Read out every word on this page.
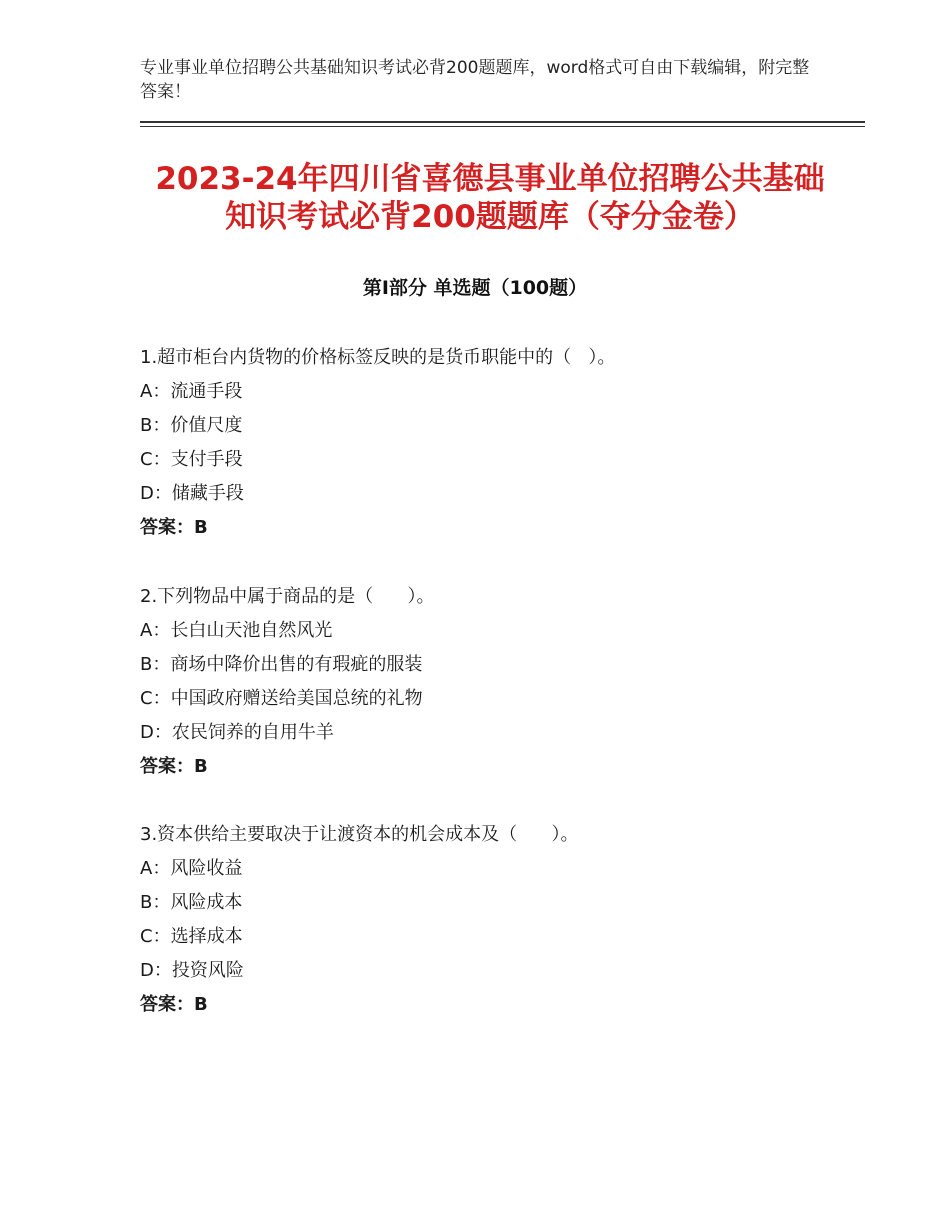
专业事业单位招聘公共基础知识考试必背200题题库，word格式可自由下载编辑，附完整答案！
2023-24年四川省喜德县事业单位招聘公共基础知识考试必背200题题库（夺分金卷）
第I部分 单选题（100题）
1.超市柜台内货物的价格标签反映的是货币职能中的（   ）。
A：流通手段
B：价值尺度
C：支付手段
D：储藏手段
答案：B
2.下列物品中属于商品的是（      ）。
A：长白山天池自然风光
B：商场中降价出售的有瑕疵的服装
C：中国政府赠送给美国总统的礼物
D：农民饲养的自用牛羊
答案：B
3.资本供给主要取决于让渡资本的机会成本及（      ）。
A：风险收益
B：风险成本
C：选择成本
D：投资风险
答案：B
